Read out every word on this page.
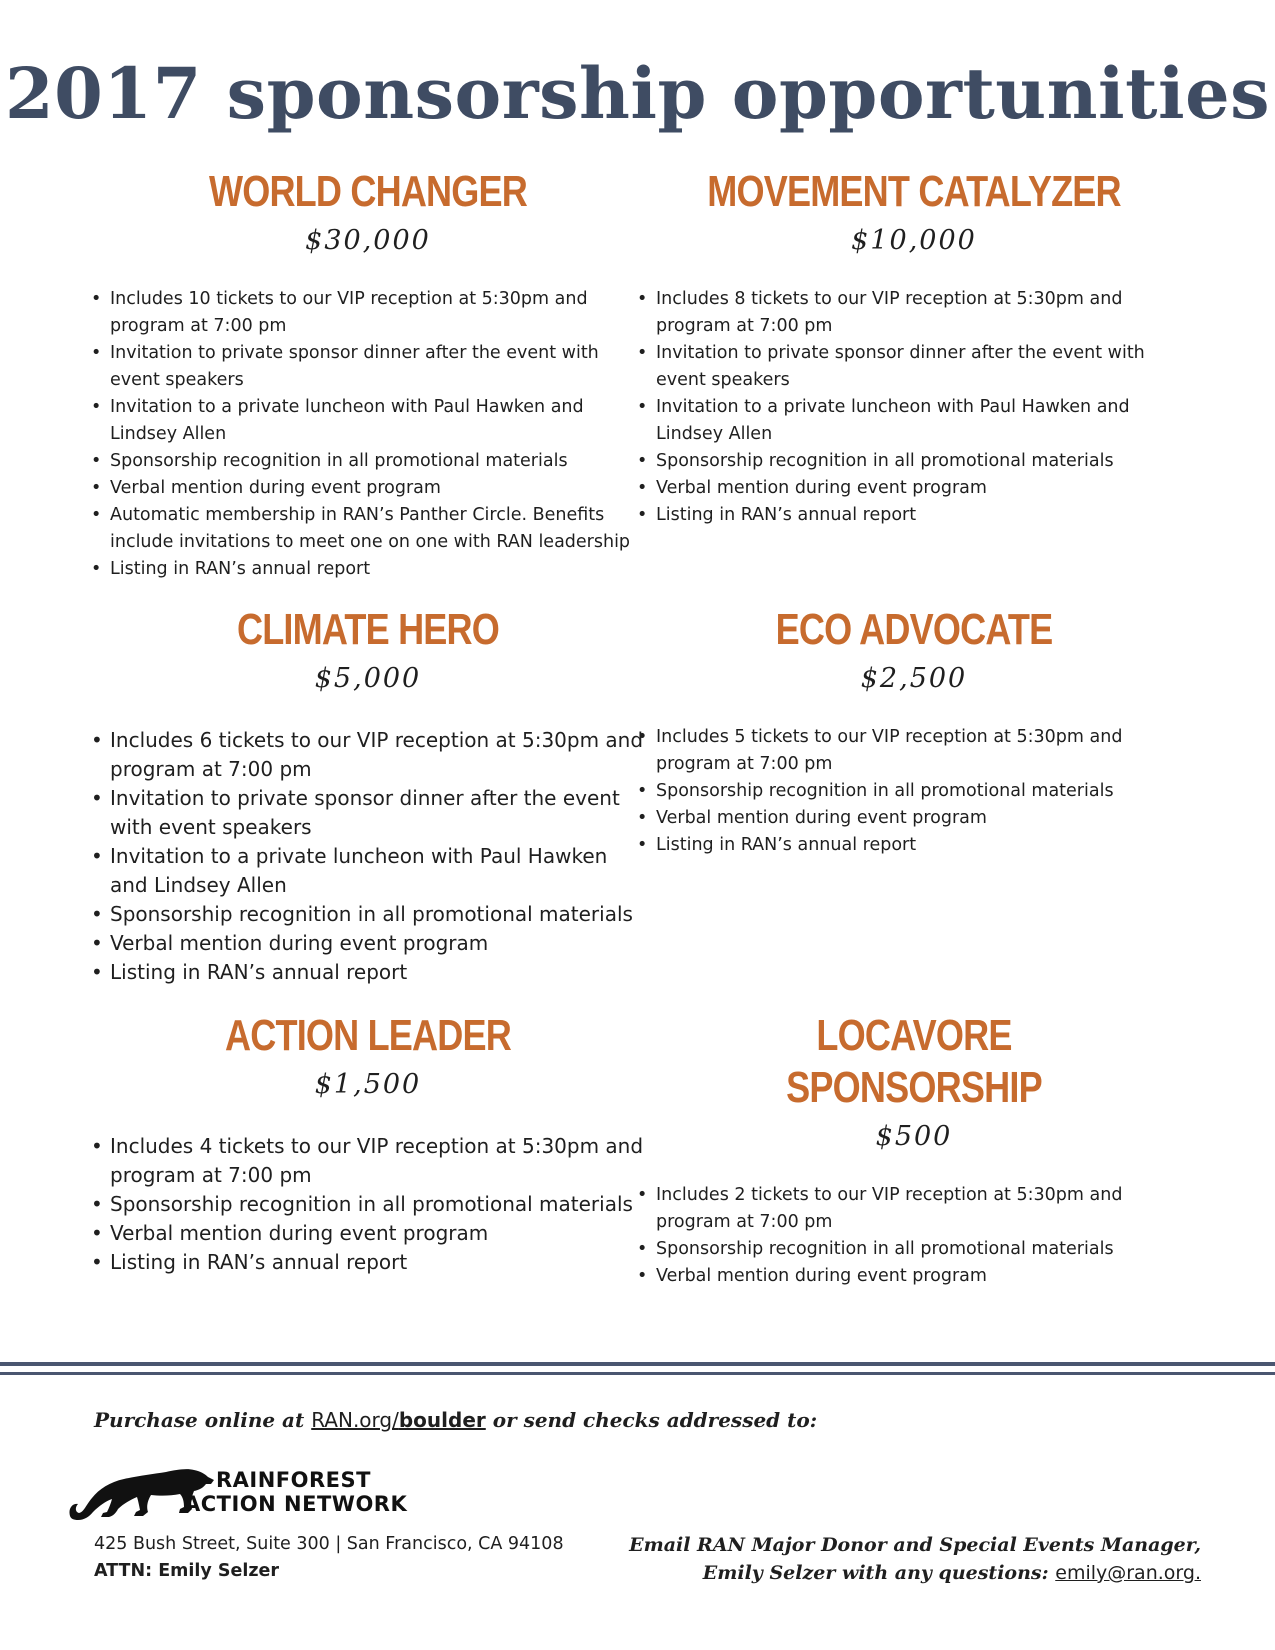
2017 sponsorship opportunities
WORLD CHANGER
$30,000
• Includes 10 tickets to our VIP reception at 5:30pm and program at 7:00 pm
• Invitation to private sponsor dinner after the event with event speakers
• Invitation to a private luncheon with Paul Hawken and Lindsey Allen
• Sponsorship recognition in all promotional materials
• Verbal mention during event program
• Automatic membership in RAN’s Panther Circle. Benefits include invitations to meet one on one with RAN leadership
• Listing in RAN’s annual report
MOVEMENT CATALYZER
$10,000
• Includes 8 tickets to our VIP reception at 5:30pm and program at 7:00 pm
• Invitation to private sponsor dinner after the event with event speakers
• Invitation to a private luncheon with Paul Hawken and Lindsey Allen
• Sponsorship recognition in all promotional materials
• Verbal mention during event program
• Listing in RAN’s annual report
CLIMATE HERO
$5,000
• Includes 6 tickets to our VIP reception at 5:30pm and program at 7:00 pm
• Invitation to private sponsor dinner after the event with event speakers
• Invitation to a private luncheon with Paul Hawken and Lindsey Allen
• Sponsorship recognition in all promotional materials
• Verbal mention during event program
• Listing in RAN’s annual report
ECO ADVOCATE
$2,500
• Includes 5 tickets to our VIP reception at 5:30pm and program at 7:00 pm
• Sponsorship recognition in all promotional materials
• Verbal mention during event program
• Listing in RAN’s annual report
ACTION LEADER
$1,500
• Includes 4 tickets to our VIP reception at 5:30pm and program at 7:00 pm
• Sponsorship recognition in all promotional materials
• Verbal mention during event program
• Listing in RAN’s annual report
LOCAVORE SPONSORSHIP
$500
• Includes 2 tickets to our VIP reception at 5:30pm and program at 7:00 pm
• Sponsorship recognition in all promotional materials
• Verbal mention during event program

Purchase online at RAN.org/boulder or send checks addressed to:

RAINFOREST
ACTION NETWORK

425 Bush Street, Suite 300 | San Francisco, CA 94108

ATTN: Emily Selzer

Email RAN Major Donor and Special Events Manager,
Emily Selzer with any questions: emily@ran.org.
